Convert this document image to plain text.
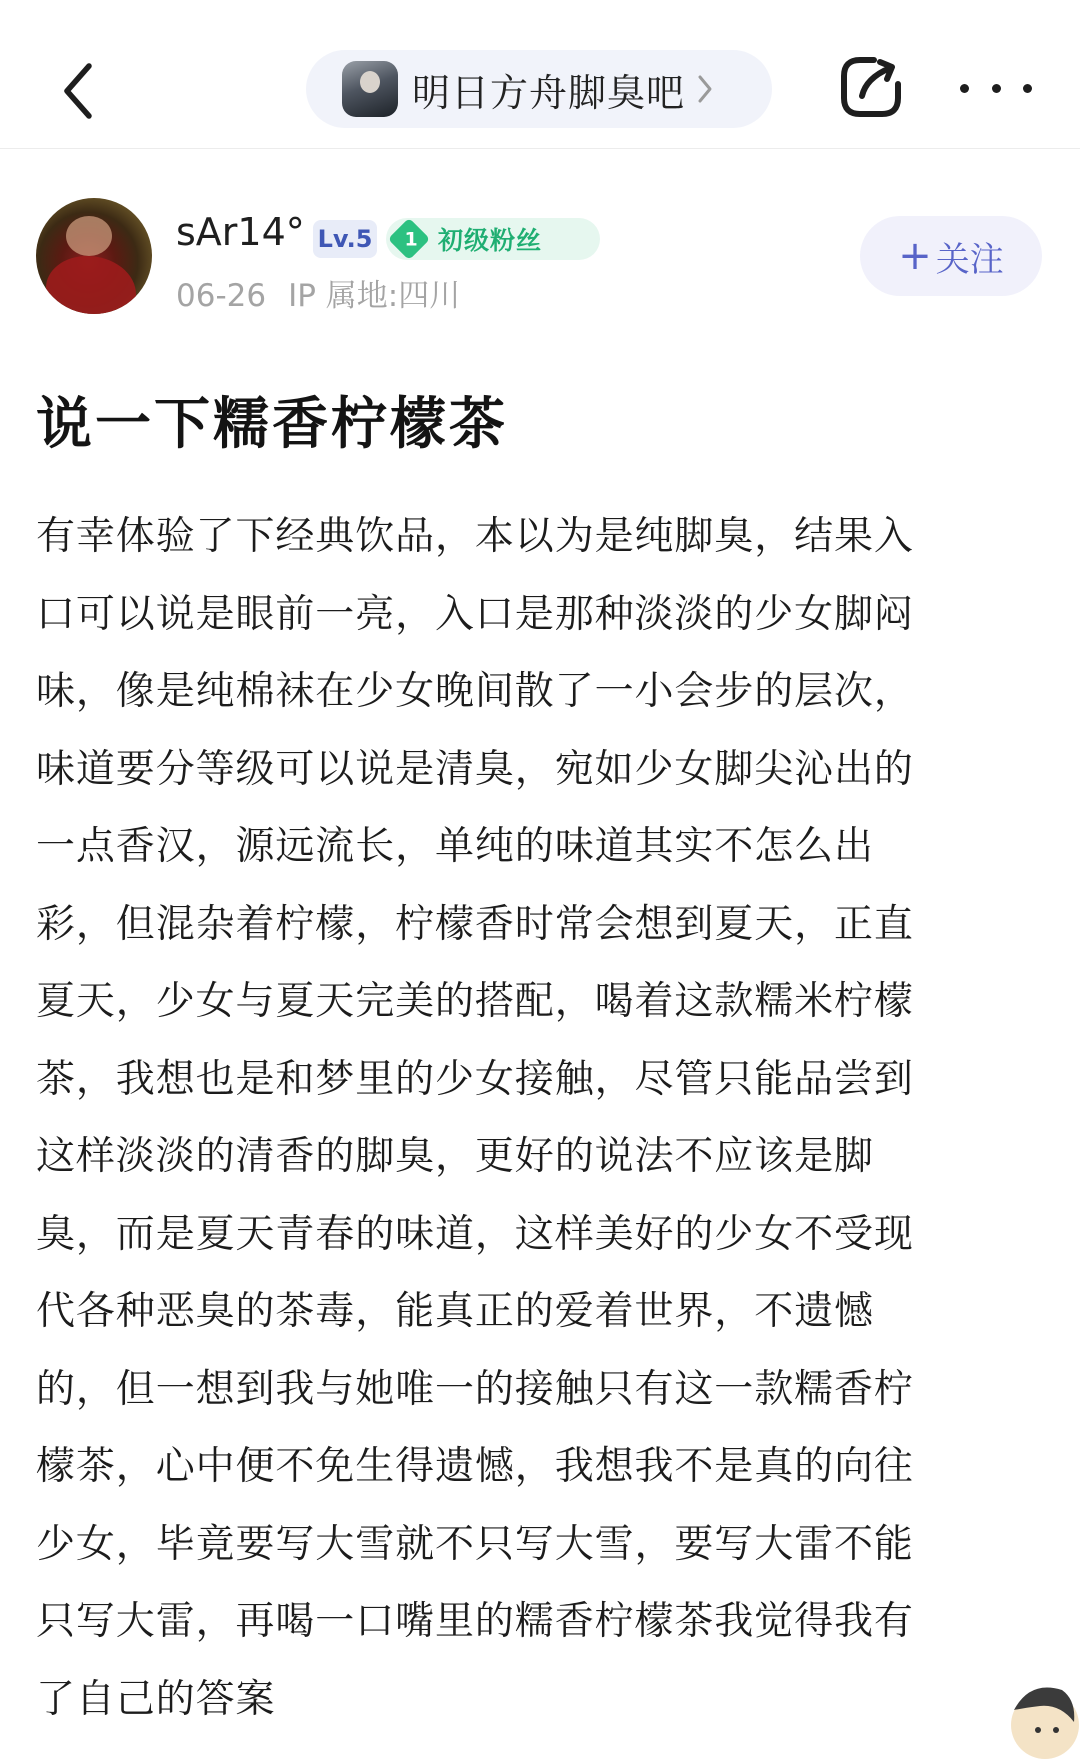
明日方舟脚臭吧
sAr14° Lv.5 1 初级粉丝
06-26 IP 属地:四川
+ 关注
说一下糯香柠檬茶
有幸体验了下经典饮品，本以为是纯脚臭，结果入
口可以说是眼前一亮，入口是那种淡淡的少女脚闷
味，像是纯棉袜在少女晚间散了一小会步的层次，
味道要分等级可以说是清臭，宛如少女脚尖沁出的
一点香汉，源远流长，单纯的味道其实不怎么出
彩，但混杂着柠檬，柠檬香时常会想到夏天，正直
夏天，少女与夏天完美的搭配，喝着这款糯米柠檬
茶，我想也是和梦里的少女接触，尽管只能品尝到
这样淡淡的清香的脚臭，更好的说法不应该是脚
臭，而是夏天青春的味道，这样美好的少女不受现
代各种恶臭的茶毒，能真正的爱着世界，不遗憾
的，但一想到我与她唯一的接触只有这一款糯香柠
檬茶，心中便不免生得遗憾，我想我不是真的向往
少女，毕竟要写大雪就不只写大雪，要写大雷不能
只写大雷，再喝一口嘴里的糯香柠檬茶我觉得我有
了自己的答案
